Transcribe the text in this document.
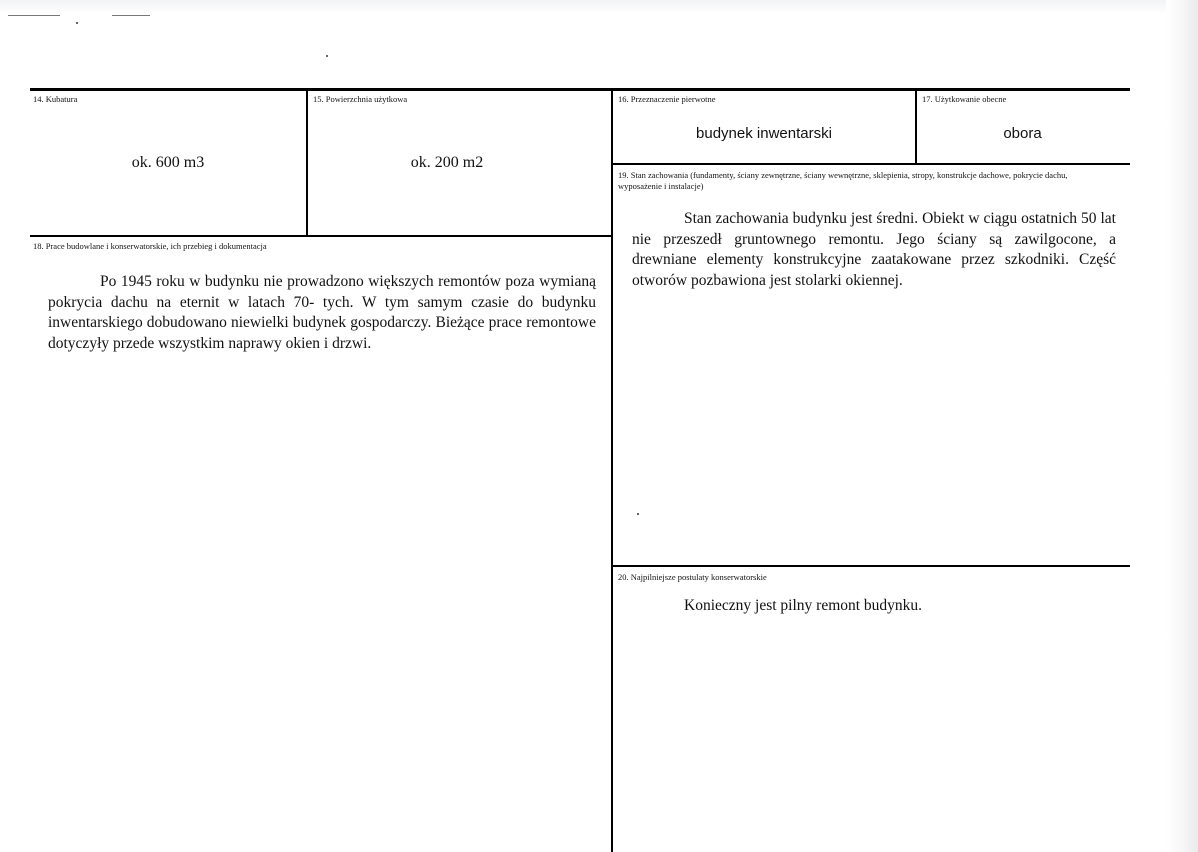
14. Kubatura
ok. 600 m3
15. Powierzchnia użytkowa
ok. 200 m2
16. Przeznaczenie pierwotne
budynek inwentarski
17. Użytkowanie obecne
obora
18. Prace budowlane i konserwatorskie, ich przebieg i dokumentacja
Po 1945 roku w budynku nie prowadzono większych remontów poza wymianą pokrycia dachu na eternit w latach 70- tych. W tym samym czasie do budynku inwentarskiego dobudowano niewielki budynek gospodarczy. Bieżące prace remontowe dotyczyły przede wszystkim naprawy okien i drzwi.
19. Stan zachowania (fundamenty, ściany zewnętrzne, ściany wewnętrzne, sklepienia, stropy, konstrukcje dachowe, pokrycie dachu, wyposażenie i instalacje)
Stan zachowania budynku jest średni. Obiekt w ciągu ostatnich 50 lat nie przeszedł gruntownego remontu. Jego ściany są zawilgocone, a drewniane elementy konstrukcyjne zaatakowane przez szkodniki. Część otworów pozbawiona jest stolarki okiennej.
20. Najpilniejsze postulaty konserwatorskie
Konieczny jest pilny remont budynku.
